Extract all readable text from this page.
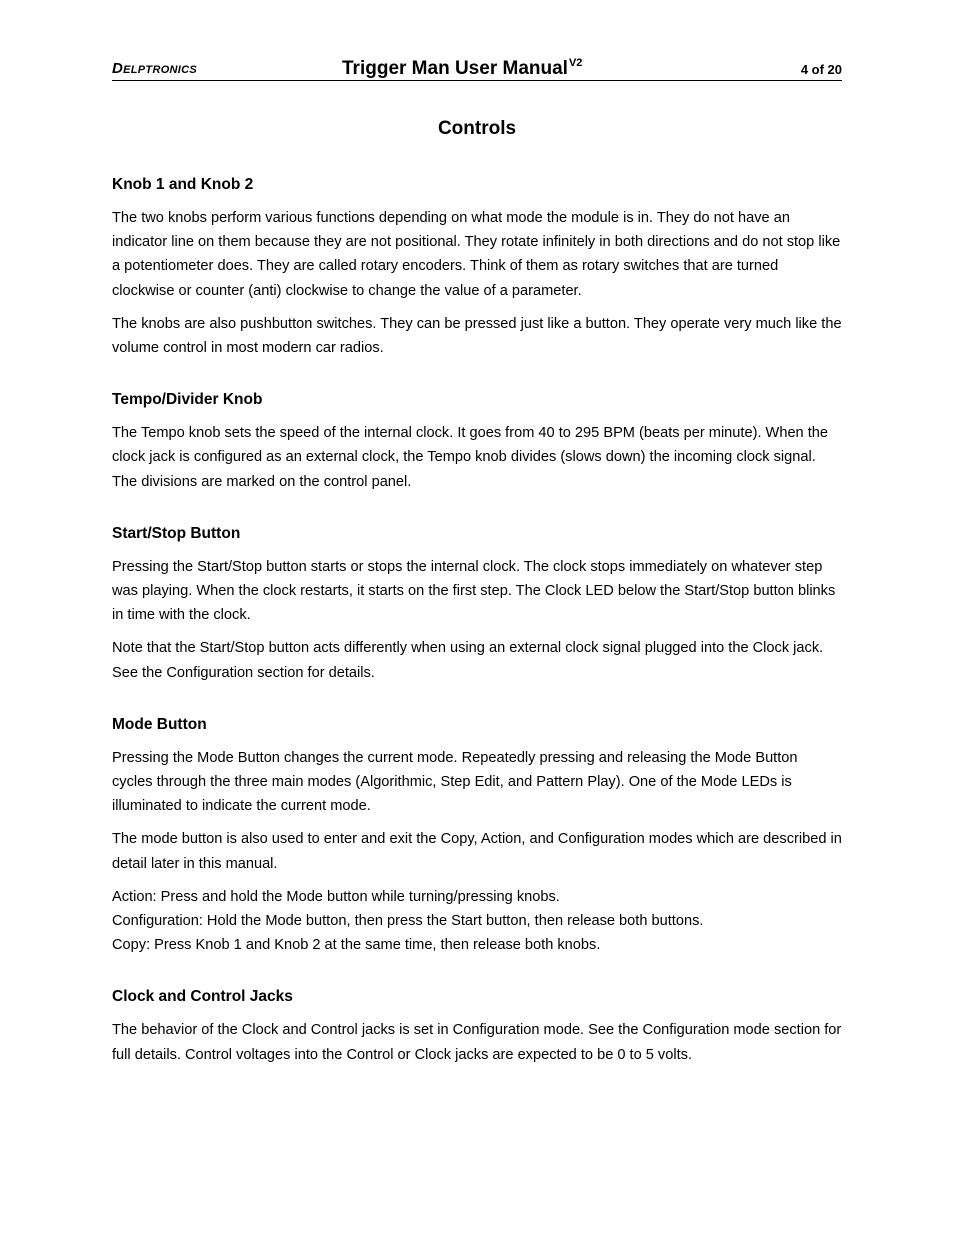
Delptronics	Trigger Man User Manual$^{V2}$	4 of 20
Controls
Knob 1 and Knob 2

The two knobs perform various functions depending on what mode the module is in. They do not have an indicator line on them because they are not positional. They rotate infinitely in both directions and do not stop like a potentiometer does. They are called rotary encoders. Think of them as rotary switches that are turned clockwise or counter (anti) clockwise to change the value of a parameter.

The knobs are also pushbutton switches. They can be pressed just like a button. They operate very much like the volume control in most modern car radios.

Tempo/Divider Knob

The Tempo knob sets the speed of the internal clock. It goes from 40 to 295 BPM (beats per minute). When the clock jack is configured as an external clock, the Tempo knob divides (slows down) the incoming clock signal. The divisions are marked on the control panel.

Start/Stop Button

Pressing the Start/Stop button starts or stops the internal clock. The clock stops immediately on whatever step was playing. When the clock restarts, it starts on the first step. The Clock LED below the Start/Stop button blinks in time with the clock.

Note that the Start/Stop button acts differently when using an external clock signal plugged into the Clock jack. See the Configuration section for details.

Mode Button

Pressing the Mode Button changes the current mode. Repeatedly pressing and releasing the Mode Button cycles through the three main modes (Algorithmic, Step Edit, and Pattern Play). One of the Mode LEDs is illuminated to indicate the current mode.

The mode button is also used to enter and exit the Copy, Action, and Configuration modes which are described in detail later in this manual.

Action: Press and hold the Mode button while turning/pressing knobs.
Configuration: Hold the Mode button, then press the Start button, then release both buttons.
Copy: Press Knob 1 and Knob 2 at the same time, then release both knobs.

Clock and Control Jacks

The behavior of the Clock and Control jacks is set in Configuration mode. See the Configuration mode section for full details. Control voltages into the Control or Clock jacks are expected to be 0 to 5 volts.
